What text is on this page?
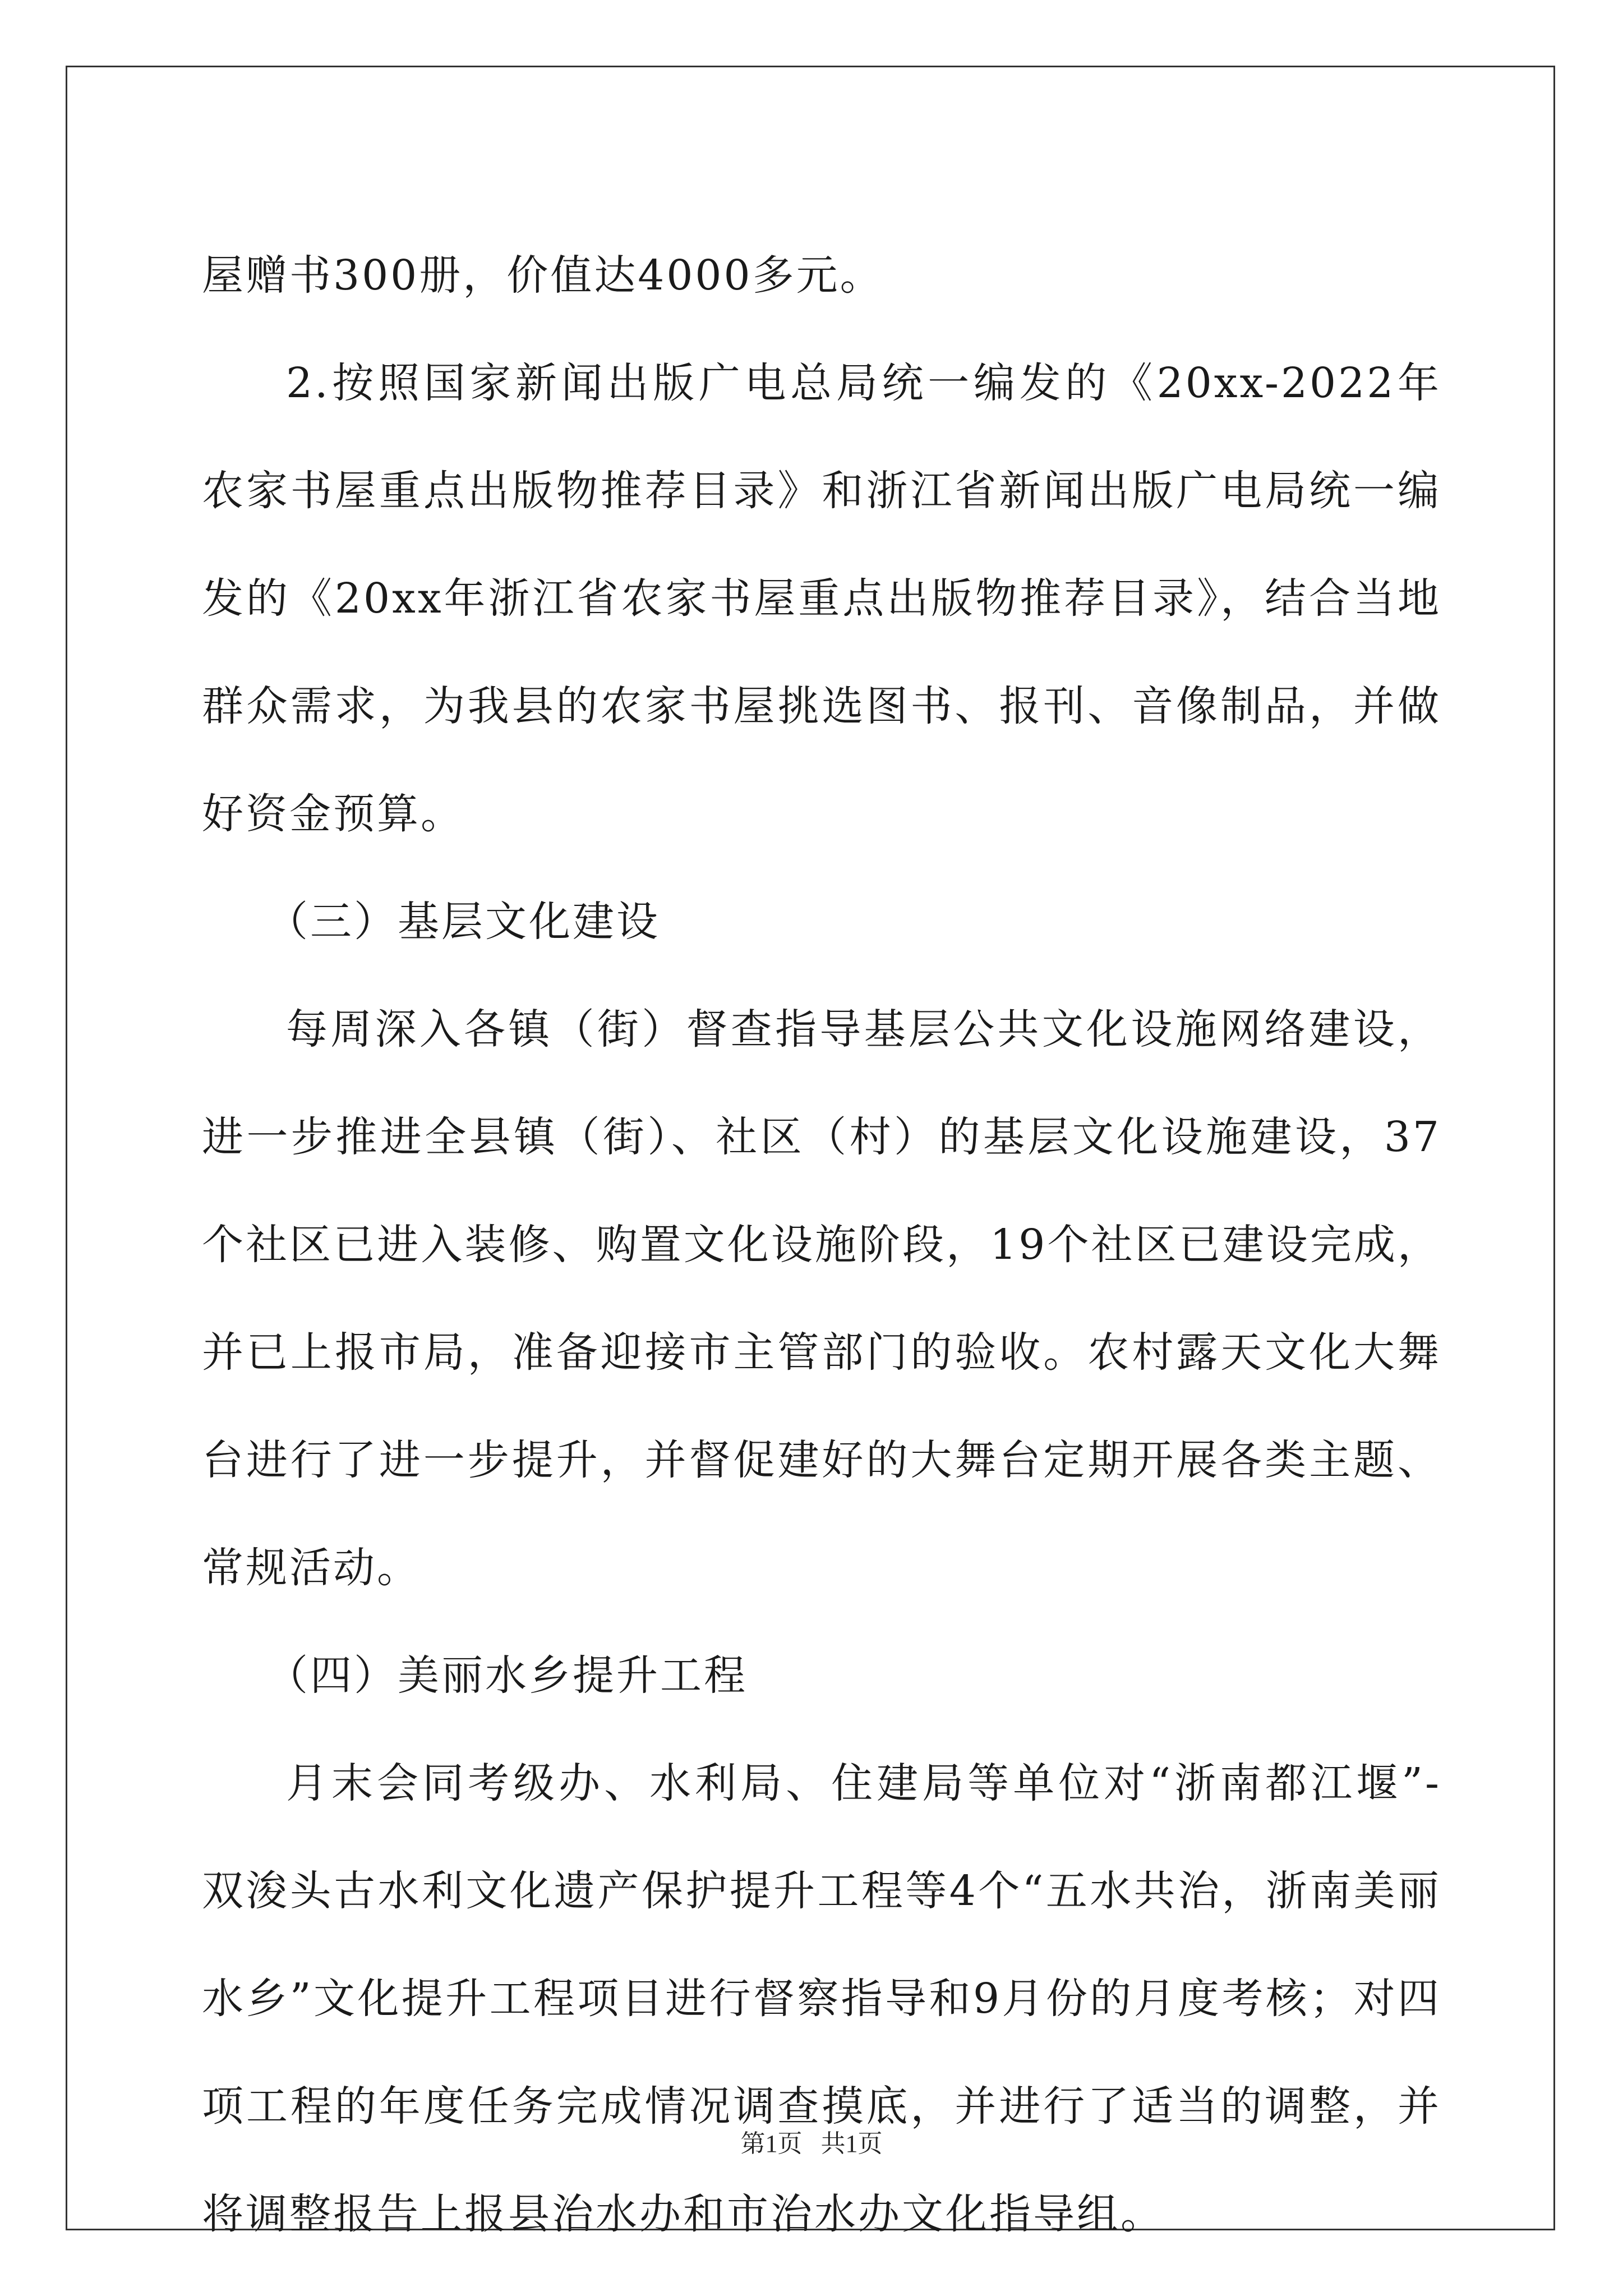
屋赠书300册，价值达4000多元。

2.按照国家新闻出版广电总局统一编发的《20xx-2022年农家书屋重点出版物推荐目录》和浙江省新闻出版广电局统一编发的《20xx年浙江省农家书屋重点出版物推荐目录》，结合当地群众需求，为我县的农家书屋挑选图书、报刊、音像制品，并做好资金预算。

（三）基层文化建设

每周深入各镇（街）督查指导基层公共文化设施网络建设，进一步推进全县镇（街）、社区（村）的基层文化设施建设，37个社区已进入装修、购置文化设施阶段，19个社区已建设完成，并已上报市局，准备迎接市主管部门的验收。农村露天文化大舞台进行了进一步提升，并督促建好的大舞台定期开展各类主题、常规活动。

（四）美丽水乡提升工程

月末会同考级办、水利局、住建局等单位对“浙南都江堰”-双浚头古水利文化遗产保护提升工程等4个“五水共治，浙南美丽水乡”文化提升工程项目进行督察指导和9月份的月度考核；对四项工程的年度任务完成情况调查摸底，并进行了适当的调整，并将调整报告上报县治水办和市治水办文化指导组。

第1页   共1页
